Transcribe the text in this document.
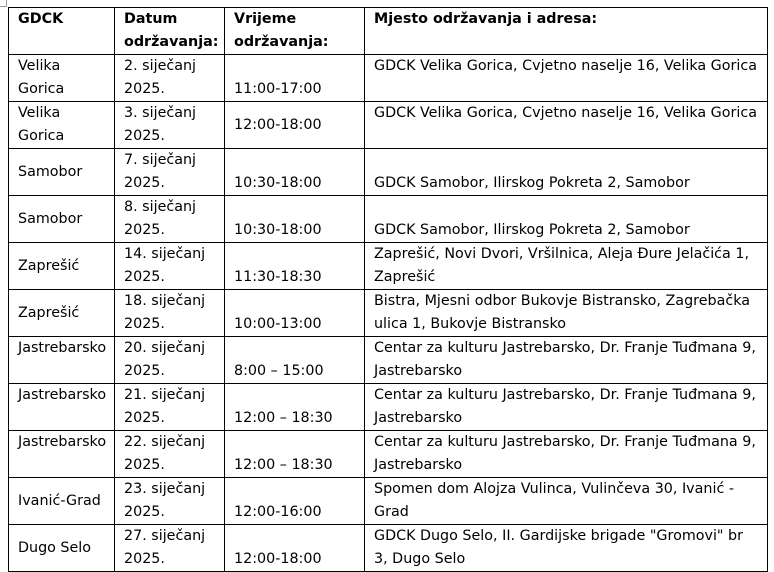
GDCK	Datum održavanja:	Vrijeme održavanja:	Mjesto održavanja i adresa:
Velika Gorica	2. siječanj 2025.	11:00-17:00	GDCK Velika Gorica, Cvjetno naselje 16, Velika Gorica
Velika Gorica	3. siječanj 2025.	12:00-18:00	GDCK Velika Gorica, Cvjetno naselje 16, Velika Gorica
Samobor	7. siječanj 2025.	10:30-18:00	GDCK Samobor, Ilirskog Pokreta 2, Samobor
Samobor	8. siječanj 2025.	10:30-18:00	GDCK Samobor, Ilirskog Pokreta 2, Samobor
Zaprešić	14. siječanj 2025.	11:30-18:30	Zaprešić, Novi Dvori, Vršilnica, Aleja Đure Jelačića 1, Zaprešić
Zaprešić	18. siječanj 2025.	10:00-13:00	Bistra, Mjesni odbor Bukovje Bistransko, Zagrebačka ulica 1, Bukovje Bistransko
Jastrebarsko	20. siječanj 2025.	8:00 – 15:00	Centar za kulturu Jastrebarsko, Dr. Franje Tuđmana 9, Jastrebarsko
Jastrebarsko	21. siječanj 2025.	12:00 – 18:30	Centar za kulturu Jastrebarsko, Dr. Franje Tuđmana 9, Jastrebarsko
Jastrebarsko	22. siječanj 2025.	12:00 – 18:30	Centar za kulturu Jastrebarsko, Dr. Franje Tuđmana 9, Jastrebarsko
Ivanić-Grad	23. siječanj 2025.	12:00-16:00	Spomen dom Alojza Vulinca, Vulinčeva 30, Ivanić - Grad
Dugo Selo	27. siječanj 2025.	12:00-18:00	GDCK Dugo Selo, II. Gardijske brigade "Gromovi" br 3, Dugo Selo
